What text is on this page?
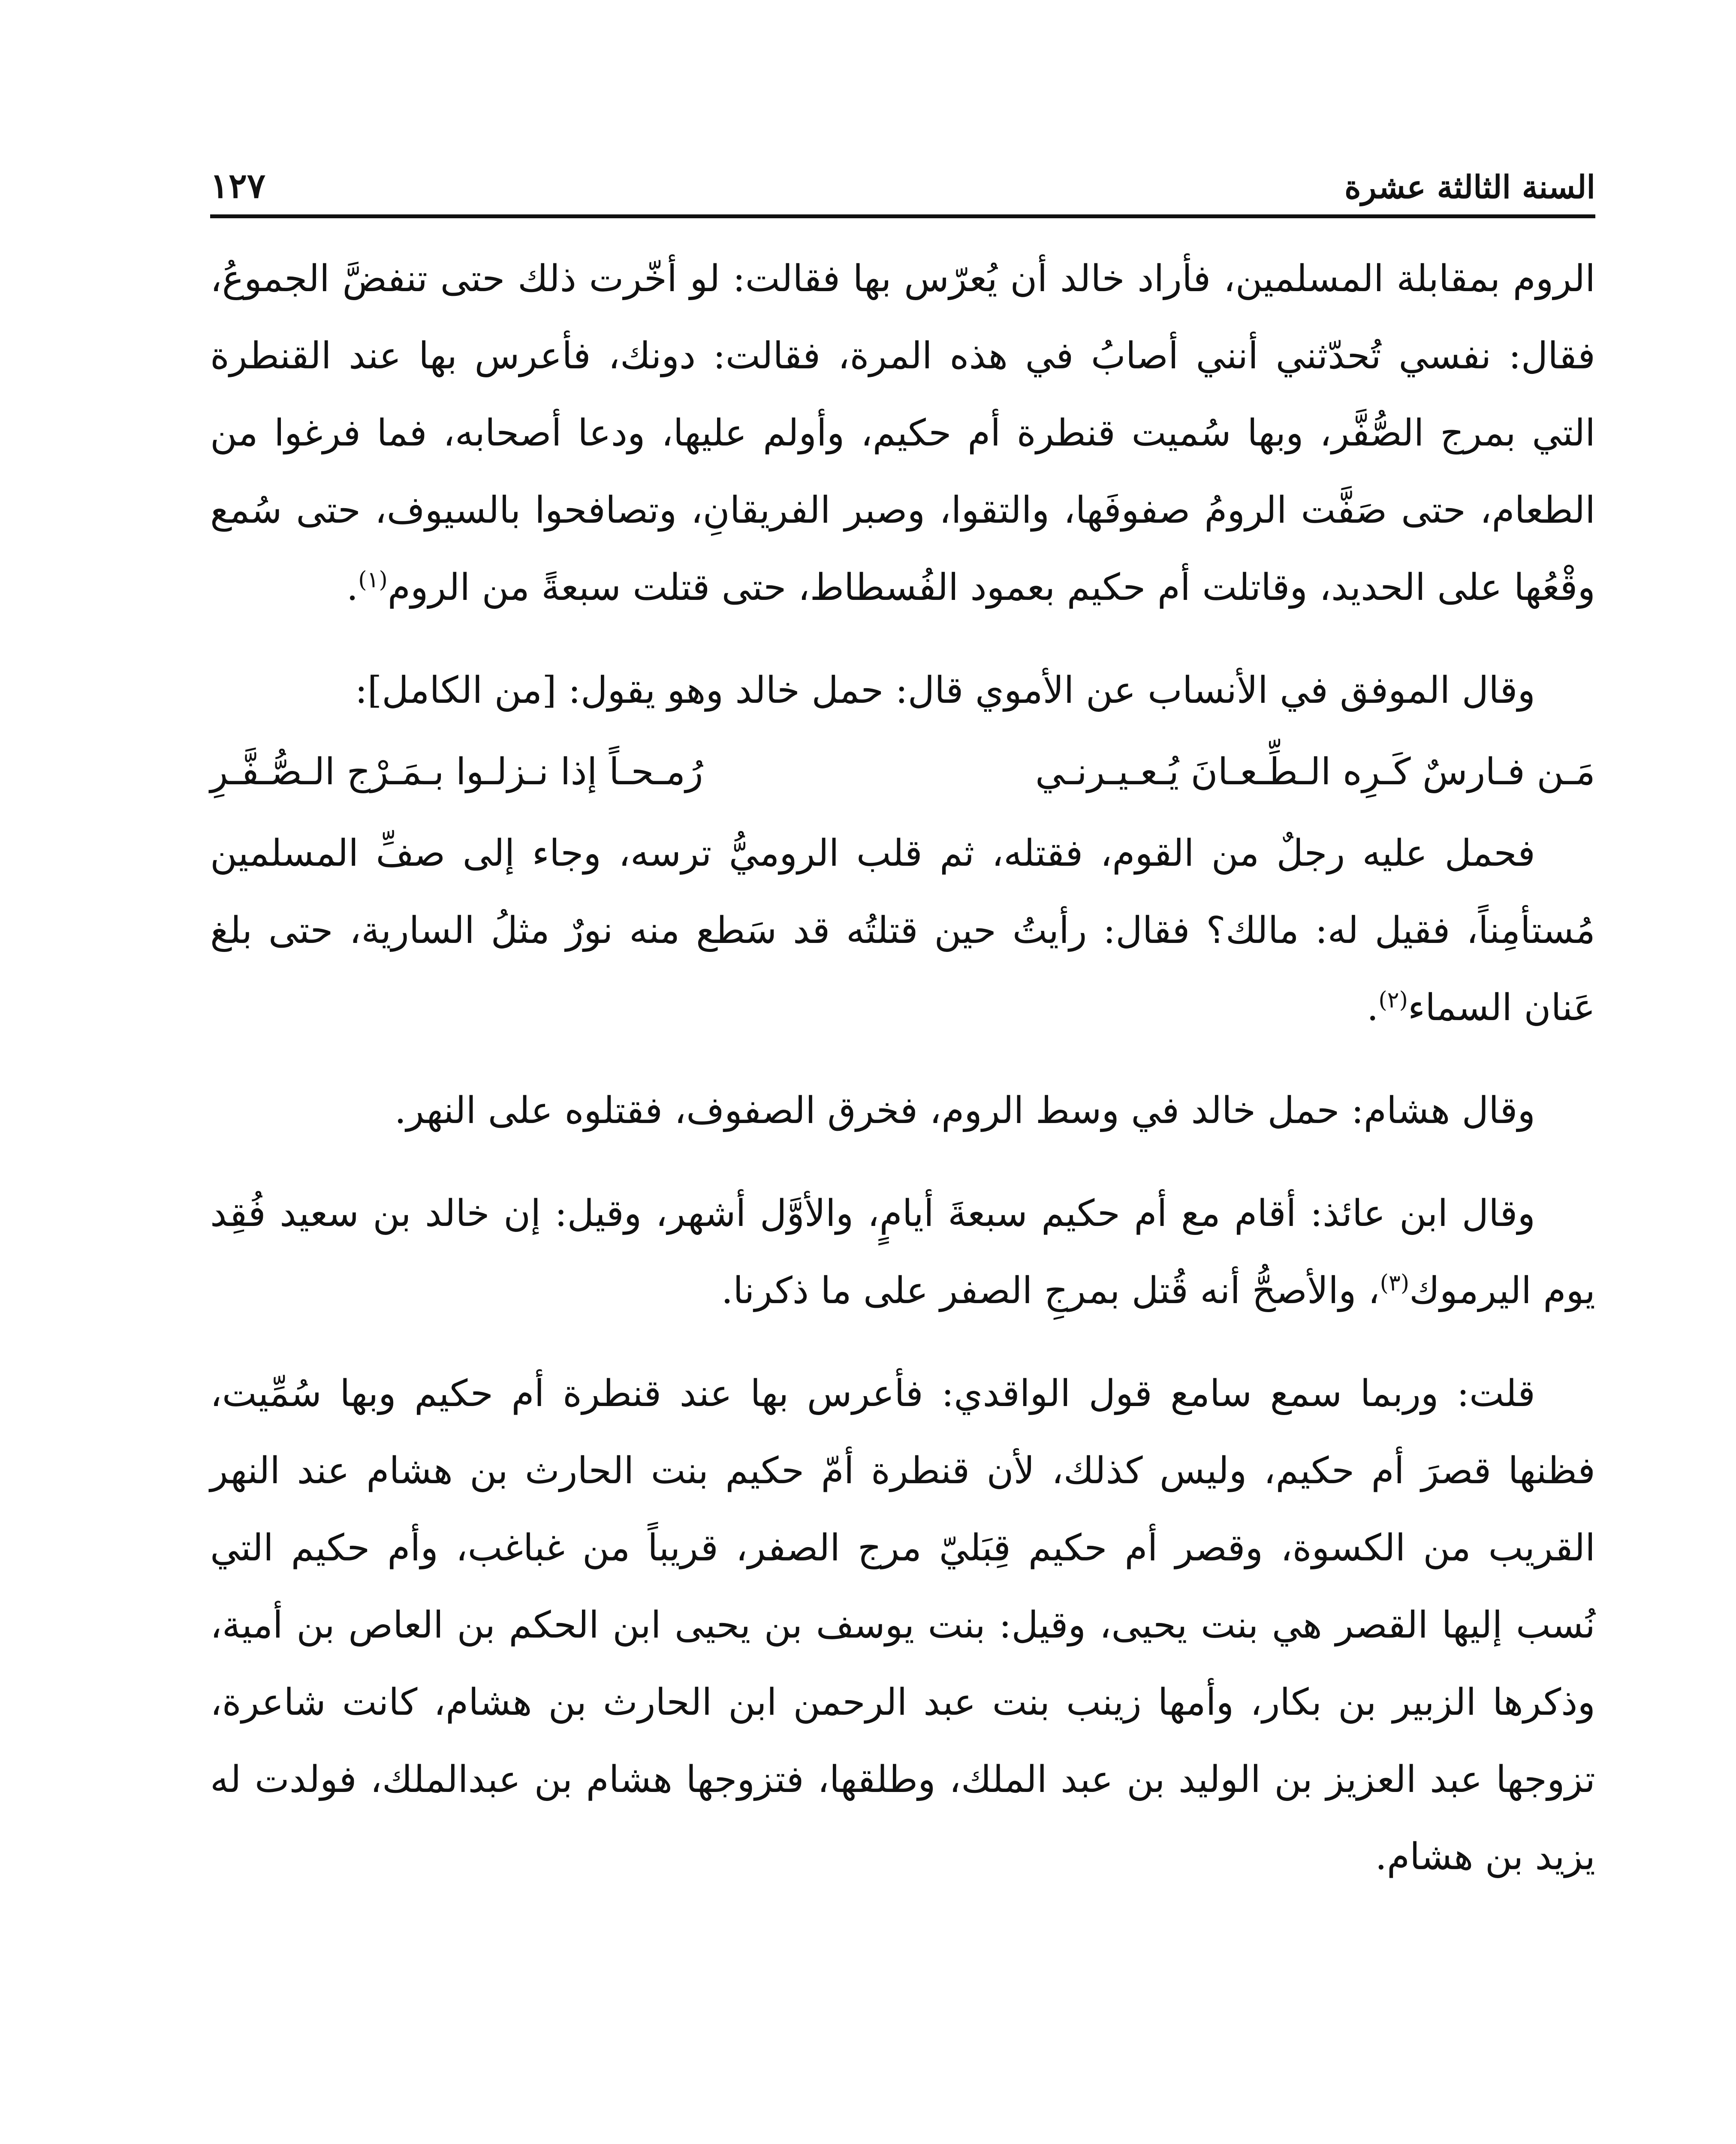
السنة الثالثة عشرة
١٢٧

الروم بمقابلة المسلمين، فأراد خالد أن يُعرّس بها فقالت: لو أخّرت ذلك حتى تنفضَّ الجموعُ، فقال: نفسي تُحدّثني أنني أصابُ في هذه المرة، فقالت: دونك، فأعرس بها عند القنطرة التي بمرج الصُّفَّر، وبها سُميت قنطرة أم حكيم، وأولم عليها، ودعا أصحابه، فما فرغوا من الطعام، حتى صَفَّت الرومُ صفوفَها، والتقوا، وصبر الفريقانِ، وتصافحوا بالسيوف، حتى سُمع وقْعُها على الحديد، وقاتلت أم حكيم بعمود الفُسطاط، حتى قتلت سبعةً من الروم$^{(١)}$.

وقال الموفق في الأنساب عن الأموي قال: حمل خالد وهو يقول: [من الكامل]:

مَـن فـارسٌ كَـرِه الـطِّـعـانَ يُـعـيـرنـي
رُمـحـاً إذا نـزلـوا بـمَـرْج الـصُّـفَّـرِ

فحمل عليه رجلٌ من القوم، فقتله، ثم قلب الروميُّ ترسه، وجاء إلى صفِّ المسلمين مُستأمِناً، فقيل له: مالك؟ فقال: رأيتُ حين قتلتُه قد سَطع منه نورٌ مثلُ السارية، حتى بلغ عَنان السماء$^{(٢)}$.

وقال هشام: حمل خالد في وسط الروم، فخرق الصفوف، فقتلوه على النهر.

وقال ابن عائذ: أقام مع أم حكيم سبعةَ أيامٍ، والأوَّل أشهر، وقيل: إن خالد بن سعيد فُقِد يوم اليرموك$^{(٣)}$، والأصحُّ أنه قُتل بمرجِ الصفر على ما ذكرنا.

قلت: وربما سمع سامع قول الواقدي: فأعرس بها عند قنطرة أم حكيم وبها سُمِّيت، فظنها قصرَ أم حكيم، وليس كذلك، لأن قنطرة أمّ حكيم بنت الحارث بن هشام عند النهر القريب من الكسوة، وقصر أم حكيم قِبَليّ مرج الصفر، قريباً من غباغب، وأم حكيم التي نُسب إليها القصر هي بنت يحيى، وقيل: بنت يوسف بن يحيى ابن الحكم بن العاص بن أمية، وذكرها الزبير بن بكار، وأمها زينب بنت عبد الرحمن ابن الحارث بن هشام، كانت شاعرة، تزوجها عبد العزيز بن الوليد بن عبد الملك، وطلقها، فتزوجها هشام بن عبدالملك، فولدت له يزيد بن هشام.
